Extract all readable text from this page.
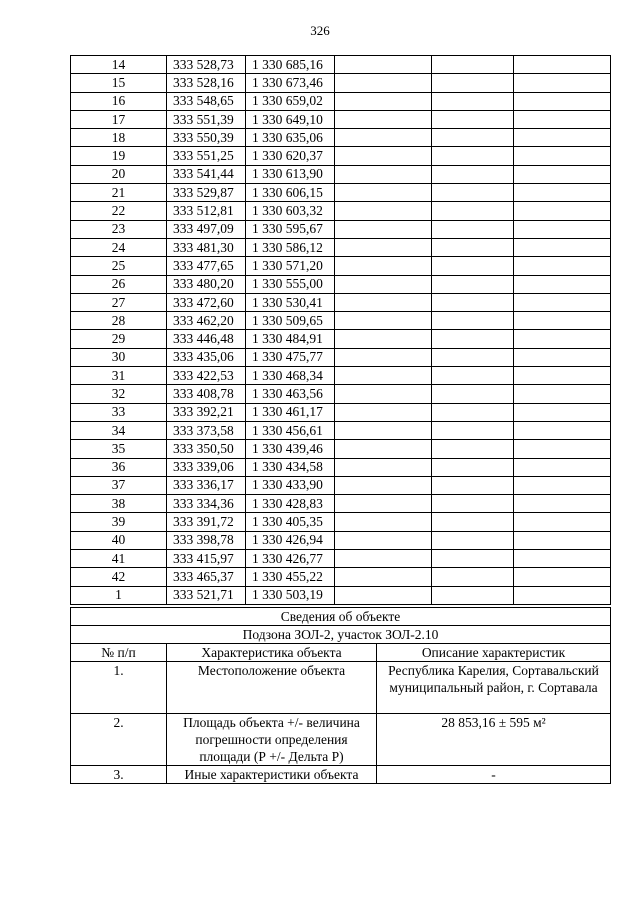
326
14	333 528,73	1 330 685,16			
15	333 528,16	1 330 673,46			
16	333 548,65	1 330 659,02			
17	333 551,39	1 330 649,10			
18	333 550,39	1 330 635,06			
19	333 551,25	1 330 620,37			
20	333 541,44	1 330 613,90			
21	333 529,87	1 330 606,15			
22	333 512,81	1 330 603,32			
23	333 497,09	1 330 595,67			
24	333 481,30	1 330 586,12			
25	333 477,65	1 330 571,20			
26	333 480,20	1 330 555,00			
27	333 472,60	1 330 530,41			
28	333 462,20	1 330 509,65			
29	333 446,48	1 330 484,91			
30	333 435,06	1 330 475,77			
31	333 422,53	1 330 468,34			
32	333 408,78	1 330 463,56			
33	333 392,21	1 330 461,17			
34	333 373,58	1 330 456,61			
35	333 350,50	1 330 439,46			
36	333 339,06	1 330 434,58			
37	333 336,17	1 330 433,90			
38	333 334,36	1 330 428,83			
39	333 391,72	1 330 405,35			
40	333 398,78	1 330 426,94			
41	333 415,97	1 330 426,77			
42	333 465,37	1 330 455,22			
1	333 521,71	1 330 503,19			
Сведения об объекте		
Подзона ЗОЛ-2, участок ЗОЛ-2.10		
№ п/п	Характеристика объекта	Описание характеристик
1.	Местоположение объекта	Республика Карелия, Сортавальский муниципальный район, г. Сортавала
2.	Площадь объекта +/- величина погрешности определения площади (Р +/- Дельта Р)	28 853,16 ± 595 м²
3.	Иные характеристики объекта	-
